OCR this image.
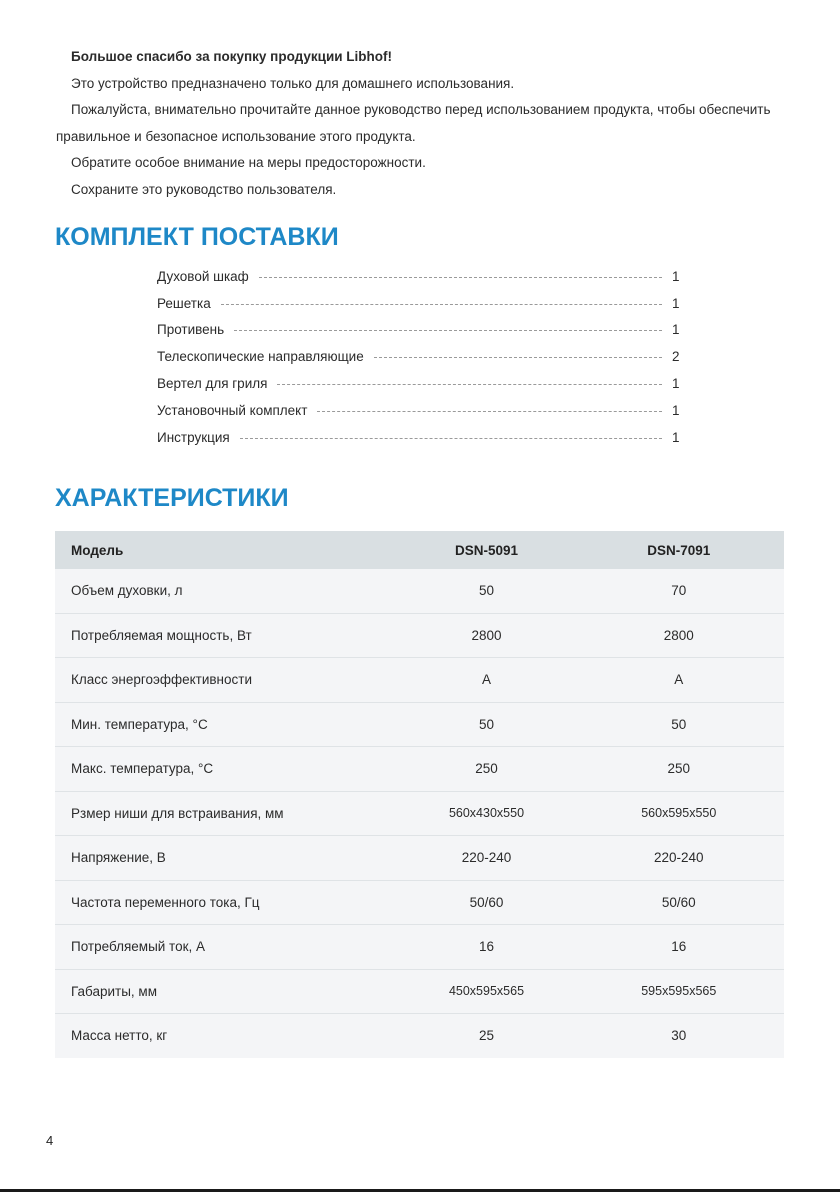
Большое спасибо за покупку продукции Libhof!

Это устройство предназначено только для домашнего использования.

Пожалуйста, внимательно прочитайте данное руководство перед использованием продукта, чтобы обеспечить правильное и безопасное использование этого продукта.

Обратите особое внимание на меры предосторожности.

Сохраните это руководство пользователя.

КОМПЛЕКТ ПОСТАВКИ
Духовой шкаф	1
Решетка	1
Противень	1
Телескопические направляющие	2
Вертел для гриля	1
Установочный комплект	1
Инструкция	1
ХАРАКТЕРИСТИКИ
Модель	DSN-5091	DSN-7091
Объем духовки, л	50	70
Потребляемая мощность, Вт	2800	2800
Класс энергоэффективности	A	A
Мин. температура, °C	50	50
Макс. температура, °C	250	250
Рзмер ниши для встраивания, мм	560x430x550	560x595x550
Напряжение, В	220-240	220-240
Частота переменного тока, Гц	50/60	50/60
Потребляемый ток, А	16	16
Габариты, мм	450x595x565	595x595x565
Масса нетто, кг	25	30
4
